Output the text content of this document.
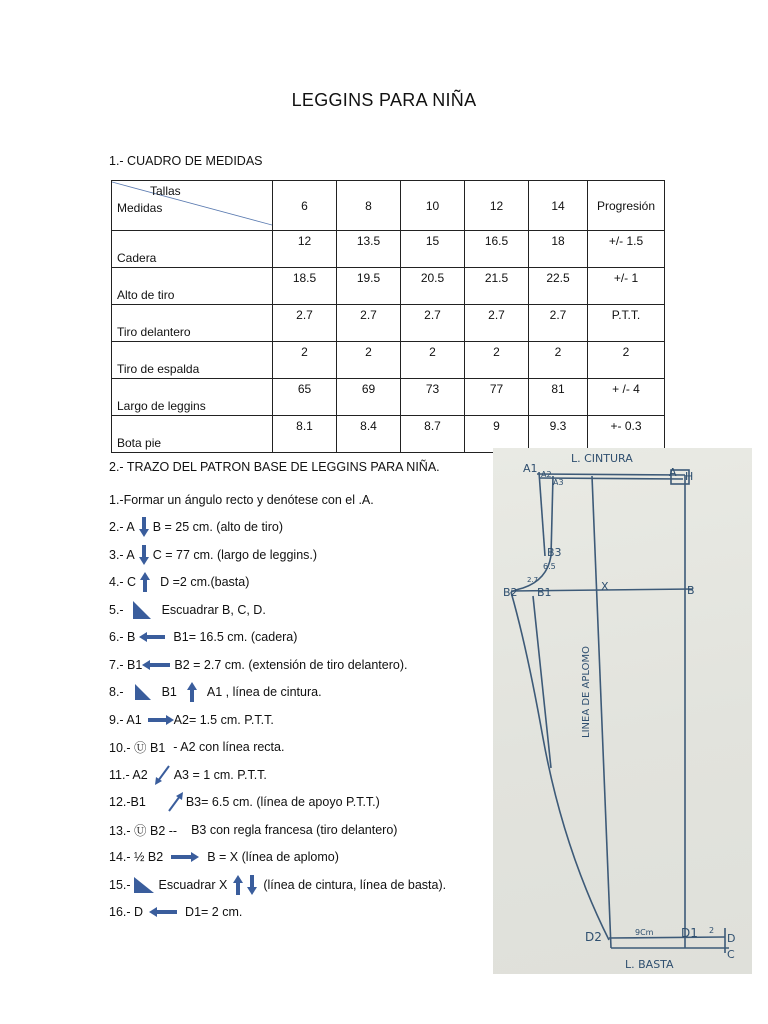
LEGGINS PARA NIÑA
1.- CUADRO DE MEDIDAS
Tallas
Medidas	6	8	10	12	14	Progresión
Cadera	12	13.5	15	16.5	18	+/- 1.5
Alto de tiro	18.5	19.5	20.5	21.5	22.5	+/- 1
Tiro delantero	2.7	2.7	2.7	2.7	2.7	P.T.T.
Tiro de espalda	2	2	2	2	2	2
Largo de leggins	65	69	73	77	81	+ /- 4
Bota pie	8.1	8.4	8.7	9	9.3	+- 0.3
2.- TRAZO DEL PATRON BASE DE LEGGINS PARA NIÑA.
1.-Formar un ángulo recto y denótese con el .A.
2.- A B = 25 cm. (alto de tiro)
3.- A C = 77 cm. (largo de leggins.)
4.- C D =2 cm.(basta)
5.-	Escuadrar B, C, D.
6.- B	B1= 16.5 cm. (cadera)
7.- B1	B2 = 2.7 cm. (extensión de tiro delantero).
8.-	B1 A1 , línea de cintura.
9.- A1	A2= 1.5 cm. P.T.T.
10.- Ⓤ B1 - A2 con línea recta.
11.- A2 A3 = 1 cm. P.T.T.
12.-B1	B3= 6.5 cm. (línea de apoyo P.T.T.)
13.- Ⓤ B2 -- B3 con regla francesa (tiro delantero)
14.- ½ B2	B = X (línea de aplomo)
15.- Escuadrar X	(línea de cintura, línea de basta).
16.- D	D1= 2 cm.
L. CINTURA
A1 A2
A3
A H
B3
6.5
2.7
B2 B1	X	B
LINEA DE APLOMO
D2	9Cm D1 2
D
C
L. BASTA
